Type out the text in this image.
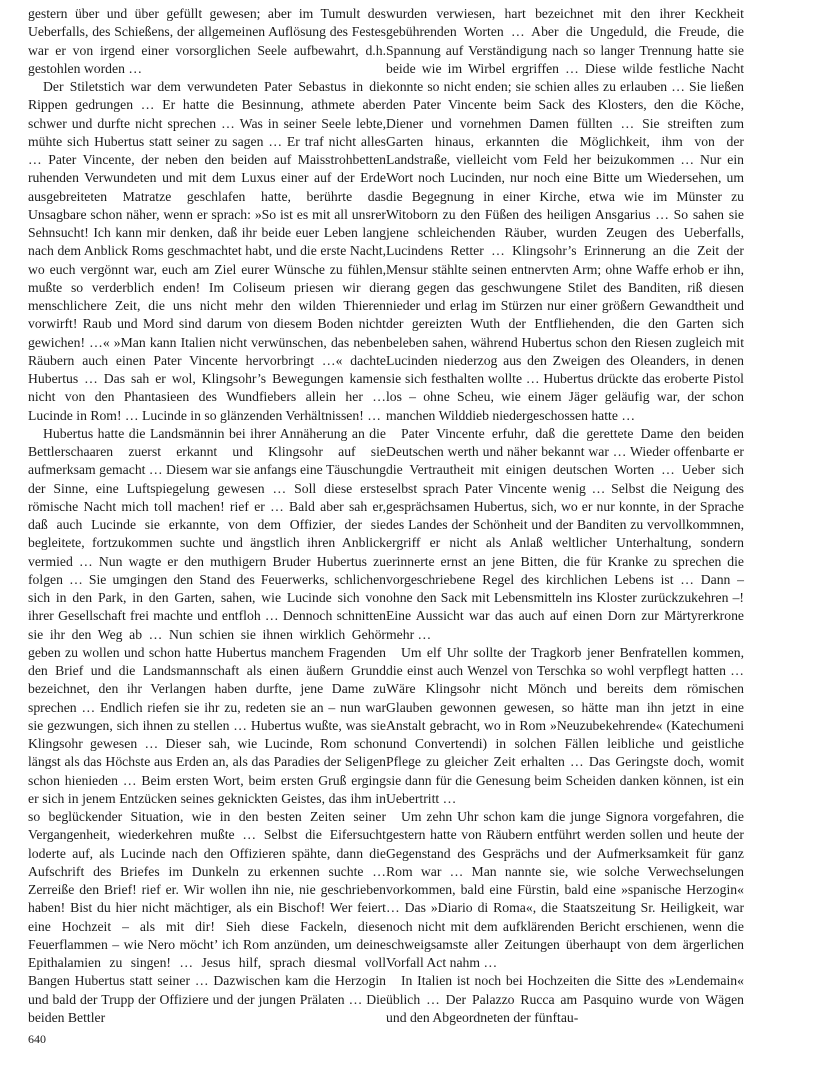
gestern über und über gefüllt gewesen; aber im Tumult des Ueberfalls, des Schießens, der allgemeinen Auflösung des Festes war er von irgend einer vorsorglichen Seele aufbewahrt, d.h. gestohlen worden …

Der Stiletstich war dem verwundeten Pater Sebastus in die Rippen gedrungen … Er hatte die Besinnung, athmete aber schwer und durfte nicht sprechen … Was in seiner Seele lebte, mühte sich Hubertus statt seiner zu sagen … Er traf nicht alles … Pater Vincente, der neben den beiden auf Maisstrohbetten ruhenden Verwundeten und mit dem Luxus einer auf der Erde ausgebreiteten Matratze geschlafen hatte, berührte das Unsagbare schon näher, wenn er sprach: »So ist es mit all unsrer Sehnsucht! Ich kann mir denken, daß ihr beide euer Leben lang nach dem Anblick Roms geschmachtet habt, und die erste Nacht, wo euch vergönnt war, euch am Ziel eurer Wünsche zu fühlen, mußte so verderblich enden! Im Coliseum priesen wir die menschlichere Zeit, die uns nicht mehr den wilden Thieren vorwirft! Raub und Mord sind darum von diesem Boden nicht gewichen! …« »Man kann Italien nicht verwünschen, das neben Räubern auch einen Pater Vincente hervorbringt …« dachte Hubertus … Das sah er wol, Klingsohr’s Bewegungen kamen nicht von den Phantasieen des Wundfiebers allein her … Lucinde in Rom! … Lucinde in so glänzenden Verhältnissen! …

Hubertus hatte die Landsmännin bei ihrer Annäherung an die Bettlerschaaren zuerst erkannt und Klingsohr auf sie aufmerksam gemacht … Diesem war sie anfangs eine Täuschung der Sinne, eine Luftspiegelung gewesen … Soll diese erste römische Nacht mich toll machen! rief er … Bald aber sah er, daß auch Lucinde sie erkannte, von dem Offizier, der sie begleitete, fortzukommen suchte und ängstlich ihren Anblick vermied … Nun wagte er den muthigern Bruder Hubertus zu folgen … Sie umgingen den Stand des Feuerwerks, schlichen sich in den Park, in den Garten, sahen, wie Lucinde sich von ihrer Gesellschaft frei machte und entfloh … Dennoch schnitten sie ihr den Weg ab … Nun schien sie ihnen wirklich Gehör geben zu wollen und schon hatte Hubertus manchem Fragenden den Brief und die Landsmannschaft als einen äußern Grund bezeichnet, den ihr Verlangen haben durfte, jene Dame zu sprechen … Endlich riefen sie ihr zu, redeten sie an – nun war sie gezwungen, sich ihnen zu stellen … Hubertus wußte, was sie Klingsohr gewesen … Dieser sah, wie Lucinde, Rom schon längst als das Höchste aus Erden an, als das Paradies der Seligen schon hieniеden … Beim ersten Wort, beim ersten Gruß erging er sich in jenem Entzücken seines geknickten Geistes, das ihm in so beglückender Situation, wie in den besten Zeiten seiner Vergangenheit, wiederkehren mußte … Selbst die Eifersucht loderte auf, als Lucinde nach den Offizieren spähte, dann die Aufschrift des Briefes im Dunkeln zu erkennen suchte … Zerreiße den Brief! rief er. Wir wollen ihn nie, nie geschrieben haben! Bist du hier nicht mächtiger, als ein Bischof! Wer feiert eine Hochzeit – als mit dir! Sieh diese Fackeln, diese Feuerflammen – wie Nero möcht’ ich Rom anzünden, um deine Epithalamien zu singen! … Jesus hilf, sprach diesmal voll Bangen Hubertus statt seiner … Dazwischen kam die Herzogin und bald der Trupp der Offiziere und der jungen Prälaten … Die beiden Bettler

wurden verwiesen, hart bezeichnet mit den ihrer Keckheit gebührenden Worten … Aber die Ungeduld, die Freude, die Spannung auf Verständigung nach so langer Trennung hatte sie beide wie im Wirbel ergriffen … Diese wilde festliche Nacht konnte so nicht enden; sie schien alles zu erlauben … Sie ließen den Pater Vincente beim Sack des Klosters, den die Köche, Diener und vornehmen Damen füllten … Sie streiften zum Garten hinaus, erkannten die Möglichkeit, ihm von der Landstraße, vielleicht vom Feld her beizukommen … Nur ein Wort noch Lucinden, nur noch eine Bitte um Wiedersehen, um die Begegnung in einer Kirche, etwa wie im Münster zu Witoborn zu den Füßen des heiligen Ansgarius … So sahen sie jene schleichenden Räuber, wurden Zeugen des Ueberfalls, Lucindens Retter … Klingsohr’s Erinnerung an die Zeit der Mensur stählte seinen entnervten Arm; ohne Waffe erhob er ihn, rang gegen das geschwungene Stilet des Banditen, riß diesen nieder und erlag im Stürzen nur einer größern Gewandtheit und der gereizten Wuth der Entfliehenden, die den Garten sich beleben sahen, während Hubertus schon den Riesen zugleich mit Lucinden niederzog aus den Zweigen des Oleanders, in denen sie sich festhalten wollte … Hubertus drückte das eroberte Pistol los – ohne Scheu, wie einem Jäger geläufig war, der schon manchen Wilddieb niedergeschossen hatte …

Pater Vincente erfuhr, daß die gerettete Dame den beiden Deutschen werth und näher bekannt war … Wieder offenbarte er die Vertrautheit mit einigen deutschen Worten … Ueber sich selbst sprach Pater Vincente wenig … Selbst die Neigung des gesprächsamen Hubertus, sich, wo er nur konnte, in der Sprache des Landes der Schönheit und der Banditen zu vervollkommnen, ergriff er nicht als Anlaß weltlicher Unterhaltung, sondern erinnerte ernst an jene Bitten, die für Kranke zu sprechen die vorgeschriebene Regel des kirchlichen Lebens ist … Dann – ohne den Sack mit Lebensmitteln ins Kloster zurückzukehren –! Eine Aussicht war das auch auf einen Dorn zur Märtyrerkrone mehr …

Um elf Uhr sollte der Tragkorb jener Benfratellen kommen, die einst auch Wenzel von Terschka so wohl verpflegt hatten … Wäre Klingsohr nicht Mönch und bereits dem römischen Glauben gewonnen gewesen, so hätte man ihn jetzt in eine Anstalt gebracht, wo in Rom »Neuzubekehrende« (Katechumeni und Convertendi) in solchen Fällen leibliche und geistliche Pflege zu gleicher Zeit erhalten … Das Geringste doch, womit sie dann für die Genesung beim Scheiden danken können, ist ein Uebertritt …

Um zehn Uhr schon kam die junge Signora vorgefahren, die gestern hatte von Räubern entführt werden sollen und heute der Gegenstand des Gesprächs und der Aufmerksamkeit für ganz Rom war … Man nannte sie, wie solche Verwechselungen vorkommen, bald eine Fürstin, bald eine »spanische Herzogin« … Das »Diario di Roma«, die Staatszeitung Sr. Heiligkeit, war noch nicht mit dem aufklärenden Bericht erschienen, wenn die schweigsamste aller Zeitungen überhaupt von dem ärgerlichen Vorfall Act nahm …

In Italien ist noch bei Hochzeiten die Sitte des »Lendemain« üblich … Der Palazzo Rucca am Pasquino wurde von Wägen und den Abgeordneten der fünftau-

640
